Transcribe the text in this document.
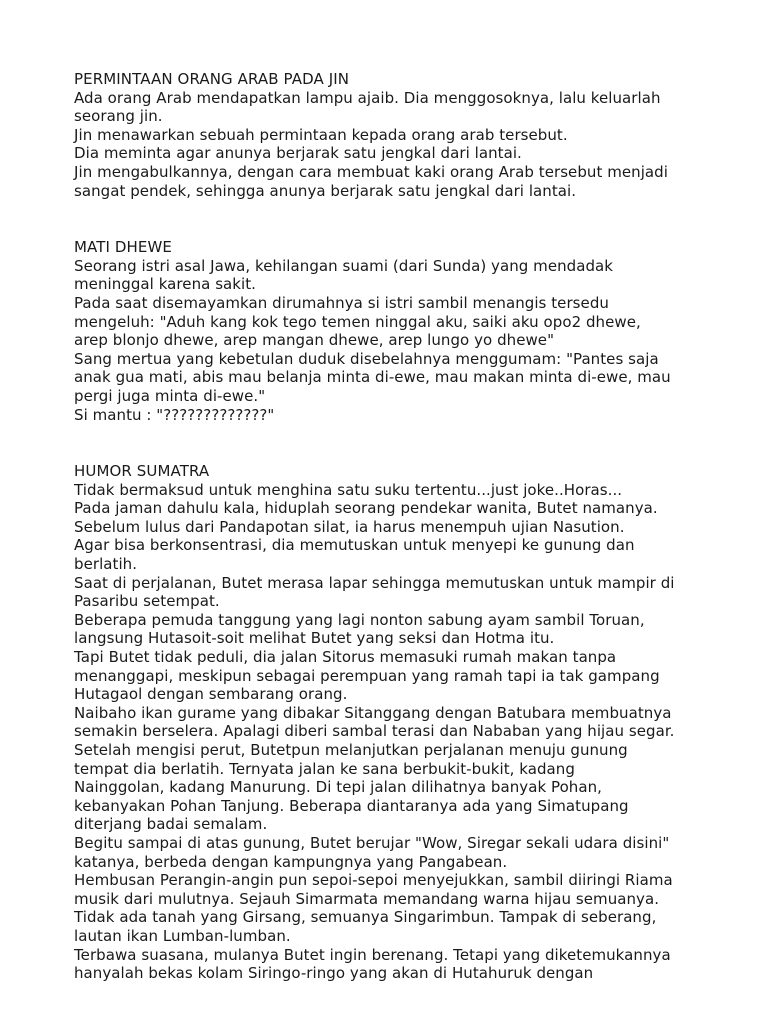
PERMINTAAN ORANG ARAB PADA JIN
Ada orang Arab mendapatkan lampu ajaib. Dia menggosoknya, lalu keluarlah
seorang jin.
Jin menawarkan sebuah permintaan kepada orang arab tersebut.
Dia meminta agar anunya berjarak satu jengkal dari lantai.
Jin mengabulkannya, dengan cara membuat kaki orang Arab tersebut menjadi
sangat pendek, sehingga anunya berjarak satu jengkal dari lantai.
MATI DHEWE
Seorang istri asal Jawa, kehilangan suami (dari Sunda) yang mendadak
meninggal karena sakit.
Pada saat disemayamkan dirumahnya si istri sambil menangis tersedu
mengeluh: "Aduh kang kok tego temen ninggal aku, saiki aku opo2 dhewe,
arep blonjo dhewe, arep mangan dhewe, arep lungo yo dhewe"
Sang mertua yang kebetulan duduk disebelahnya menggumam: "Pantes saja
anak gua mati, abis mau belanja minta di-ewe, mau makan minta di-ewe, mau
pergi juga minta di-ewe."
Si mantu : "?????????????"
HUMOR SUMATRA
Tidak bermaksud untuk menghina satu suku tertentu...just joke..Horas...
Pada jaman dahulu kala, hiduplah seorang pendekar wanita, Butet namanya.
Sebelum lulus dari Pandapotan silat, ia harus menempuh ujian Nasution.
Agar bisa berkonsentrasi, dia memutuskan untuk menyepi ke gunung dan
berlatih.
Saat di perjalanan, Butet merasa lapar sehingga memutuskan untuk mampir di
Pasaribu setempat.
Beberapa pemuda tanggung yang lagi nonton sabung ayam sambil Toruan,
langsung Hutasoit-soit melihat Butet yang seksi dan Hotma itu.
Tapi Butet tidak peduli, dia jalan Sitorus memasuki rumah makan tanpa
menanggapi, meskipun sebagai perempuan yang ramah tapi ia tak gampang
Hutagaol dengan sembarang orang.
Naibaho ikan gurame yang dibakar Sitanggang dengan Batubara membuatnya
semakin berselera. Apalagi diberi sambal terasi dan Nababan yang hijau segar.
Setelah mengisi perut, Butetpun melanjutkan perjalanan menuju gunung
tempat dia berlatih. Ternyata jalan ke sana berbukit-bukit, kadang
Nainggolan, kadang Manurung. Di tepi jalan dilihatnya banyak Pohan,
kebanyakan Pohan Tanjung. Beberapa diantaranya ada yang Simatupang
diterjang badai semalam.
Begitu sampai di atas gunung, Butet berujar "Wow, Siregar sekali udara disini"
katanya, berbeda dengan kampungnya yang Pangabean.
Hembusan Perangin-angin pun sepoi-sepoi menyejukkan, sambil diiringi Riama
musik dari mulutnya. Sejauh Simarmata memandang warna hijau semuanya.
Tidak ada tanah yang Girsang, semuanya Singarimbun. Tampak di seberang,
lautan ikan Lumban-lumban.
Terbawa suasana, mulanya Butet ingin berenang. Tetapi yang diketemukannya
hanyalah bekas kolam Siringo-ringo yang akan di Hutahuruk dengan
